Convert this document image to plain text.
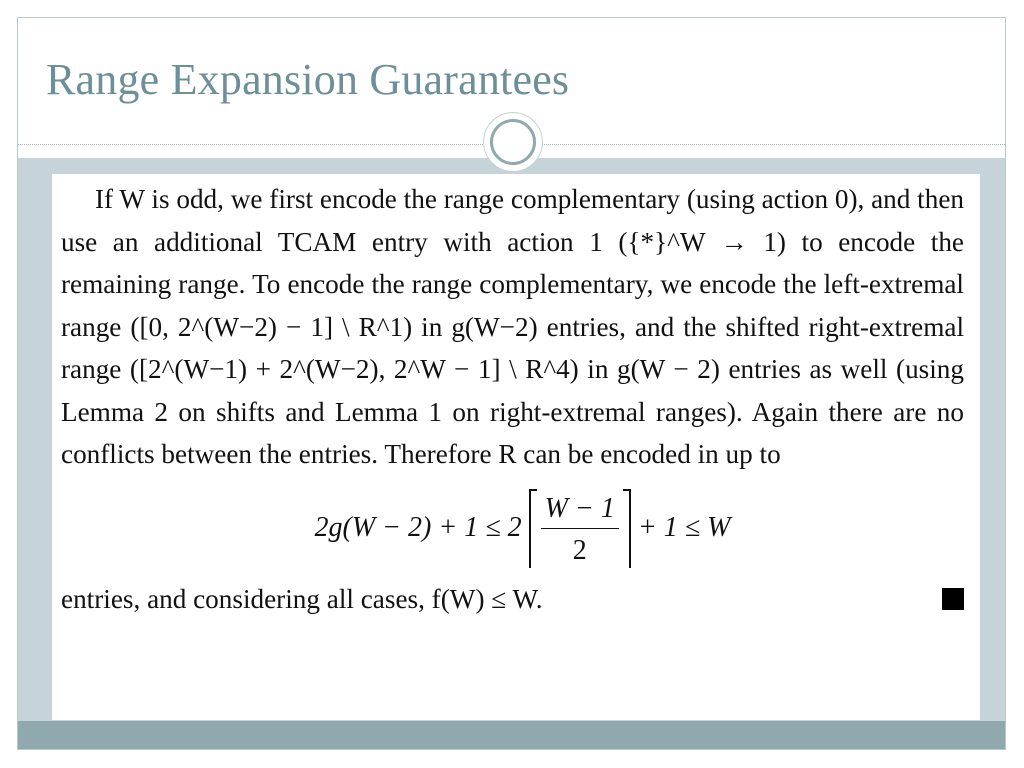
Range Expansion Guarantees

If W is odd, we first encode the range complementary (using action 0), and then use an additional TCAM entry with action 1 ({*}^W → 1) to encode the remaining range. To encode the range complementary, we encode the left-extremal range ([0, 2^(W−2) − 1] \ R^1) in g(W−2) entries, and the shifted right-extremal range ([2^(W−1) + 2^(W−2), 2^W − 1] \ R^4) in g(W − 2) entries as well (using Lemma 2 on shifts and Lemma 1 on right-extremal ranges). Again there are no conflicts between the entries. Therefore R can be encoded in up to

$2g(W - 2) + 1 \le 2 \frac{W - 1}{2} + 1 \le W$

entries, and considering all cases, f(W) ≤ W.
